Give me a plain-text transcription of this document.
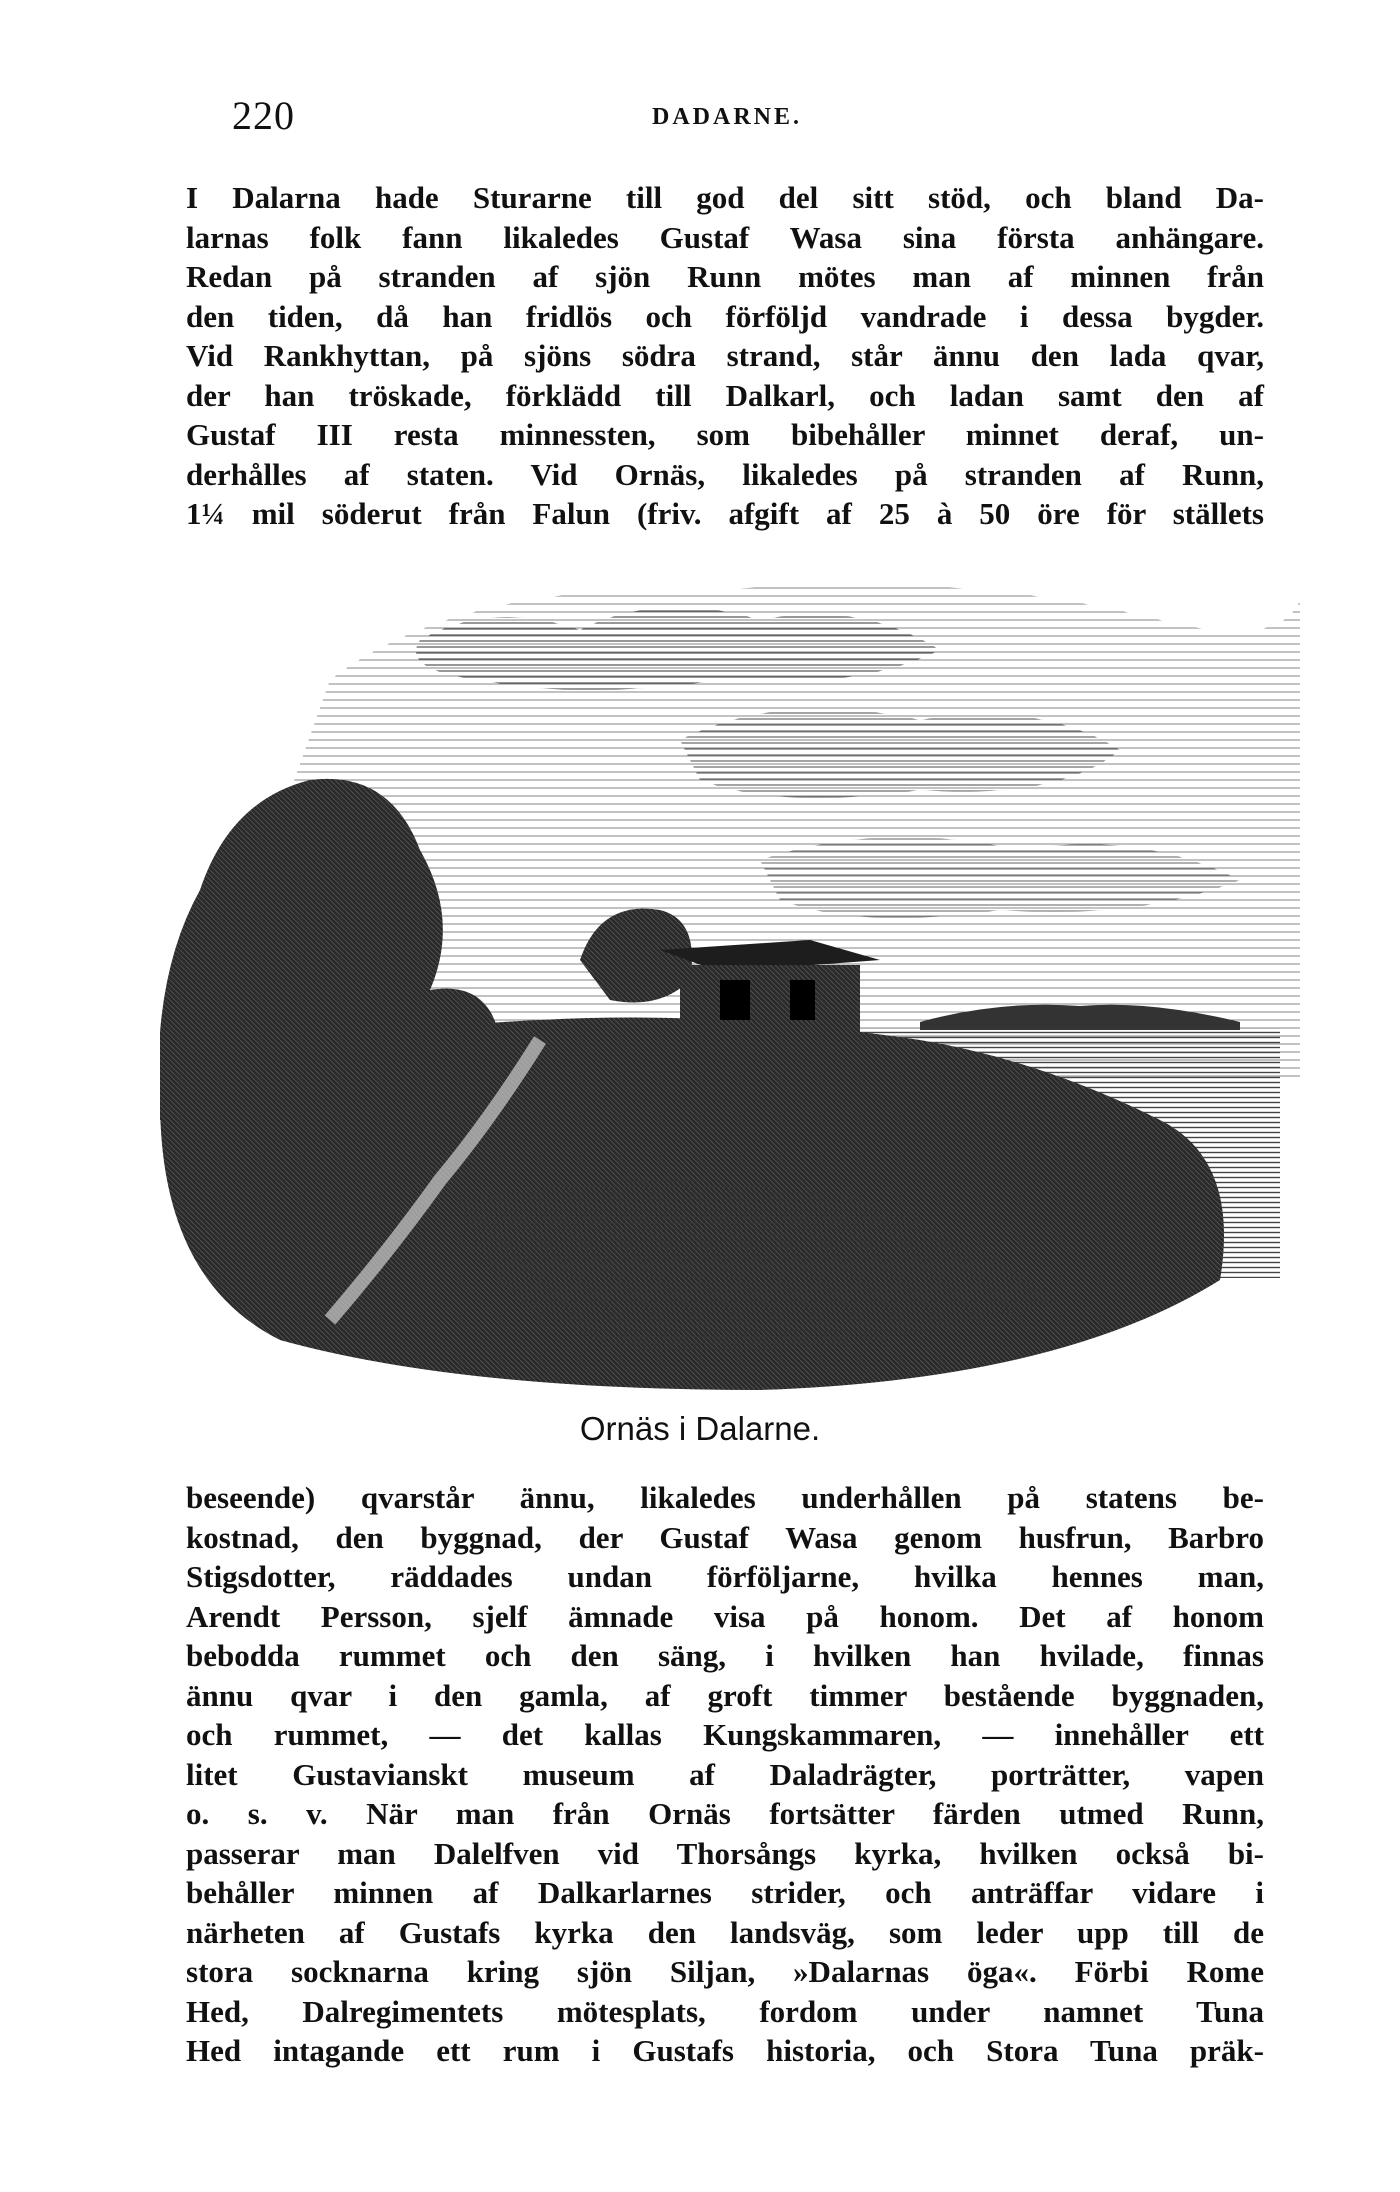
220	DADARNE.
I Dalarna hade Sturarne till god del sitt stöd, och bland Da-
larnas folk fann likaledes Gustaf Wasa sina första anhängare.
Redan på stranden af sjön Runn mötes man af minnen från
den tiden, då han fridlös och förföljd vandrade i dessa bygder.
Vid Rankhyttan, på sjöns södra strand, står ännu den lada qvar,
der han tröskade, förklädd till Dalkarl, och ladan samt den af
Gustaf III resta minnessten, som bibehåller minnet deraf, un-
derhålles af staten. Vid Ornäs, likaledes på stranden af Runn,
1¼ mil söderut från Falun (friv. afgift af 25 à 50 öre för ställets
Ornäs i Dalarne.
beseende) qvarstår ännu, likaledes underhållen på statens be-
kostnad, den byggnad, der Gustaf Wasa genom husfrun, Barbro
Stigsdotter, räddades undan förföljarne, hvilka hennes man,
Arendt Persson, sjelf ämnade visa på honom. Det af honom
bebodda rummet och den säng, i hvilken han hvilade, finnas
ännu qvar i den gamla, af groft timmer bestående byggnaden,
och rummet, — det kallas Kungskammaren, — innehåller ett
litet Gustavianskt museum af Daladrägter, porträtter, vapen
o. s. v. När man från Ornäs fortsätter färden utmed Runn,
passerar man Dalelfven vid Thorsångs kyrka, hvilken också bi-
behåller minnen af Dalkarlarnes strider, och anträffar vidare i
närheten af Gustafs kyrka den landsväg, som leder upp till de
stora socknarna kring sjön Siljan, »Dalarnas öga«. Förbi Rome
Hed, Dalregimentets mötesplats, fordom under namnet Tuna
Hed intagande ett rum i Gustafs historia, och Stora Tuna präk-
